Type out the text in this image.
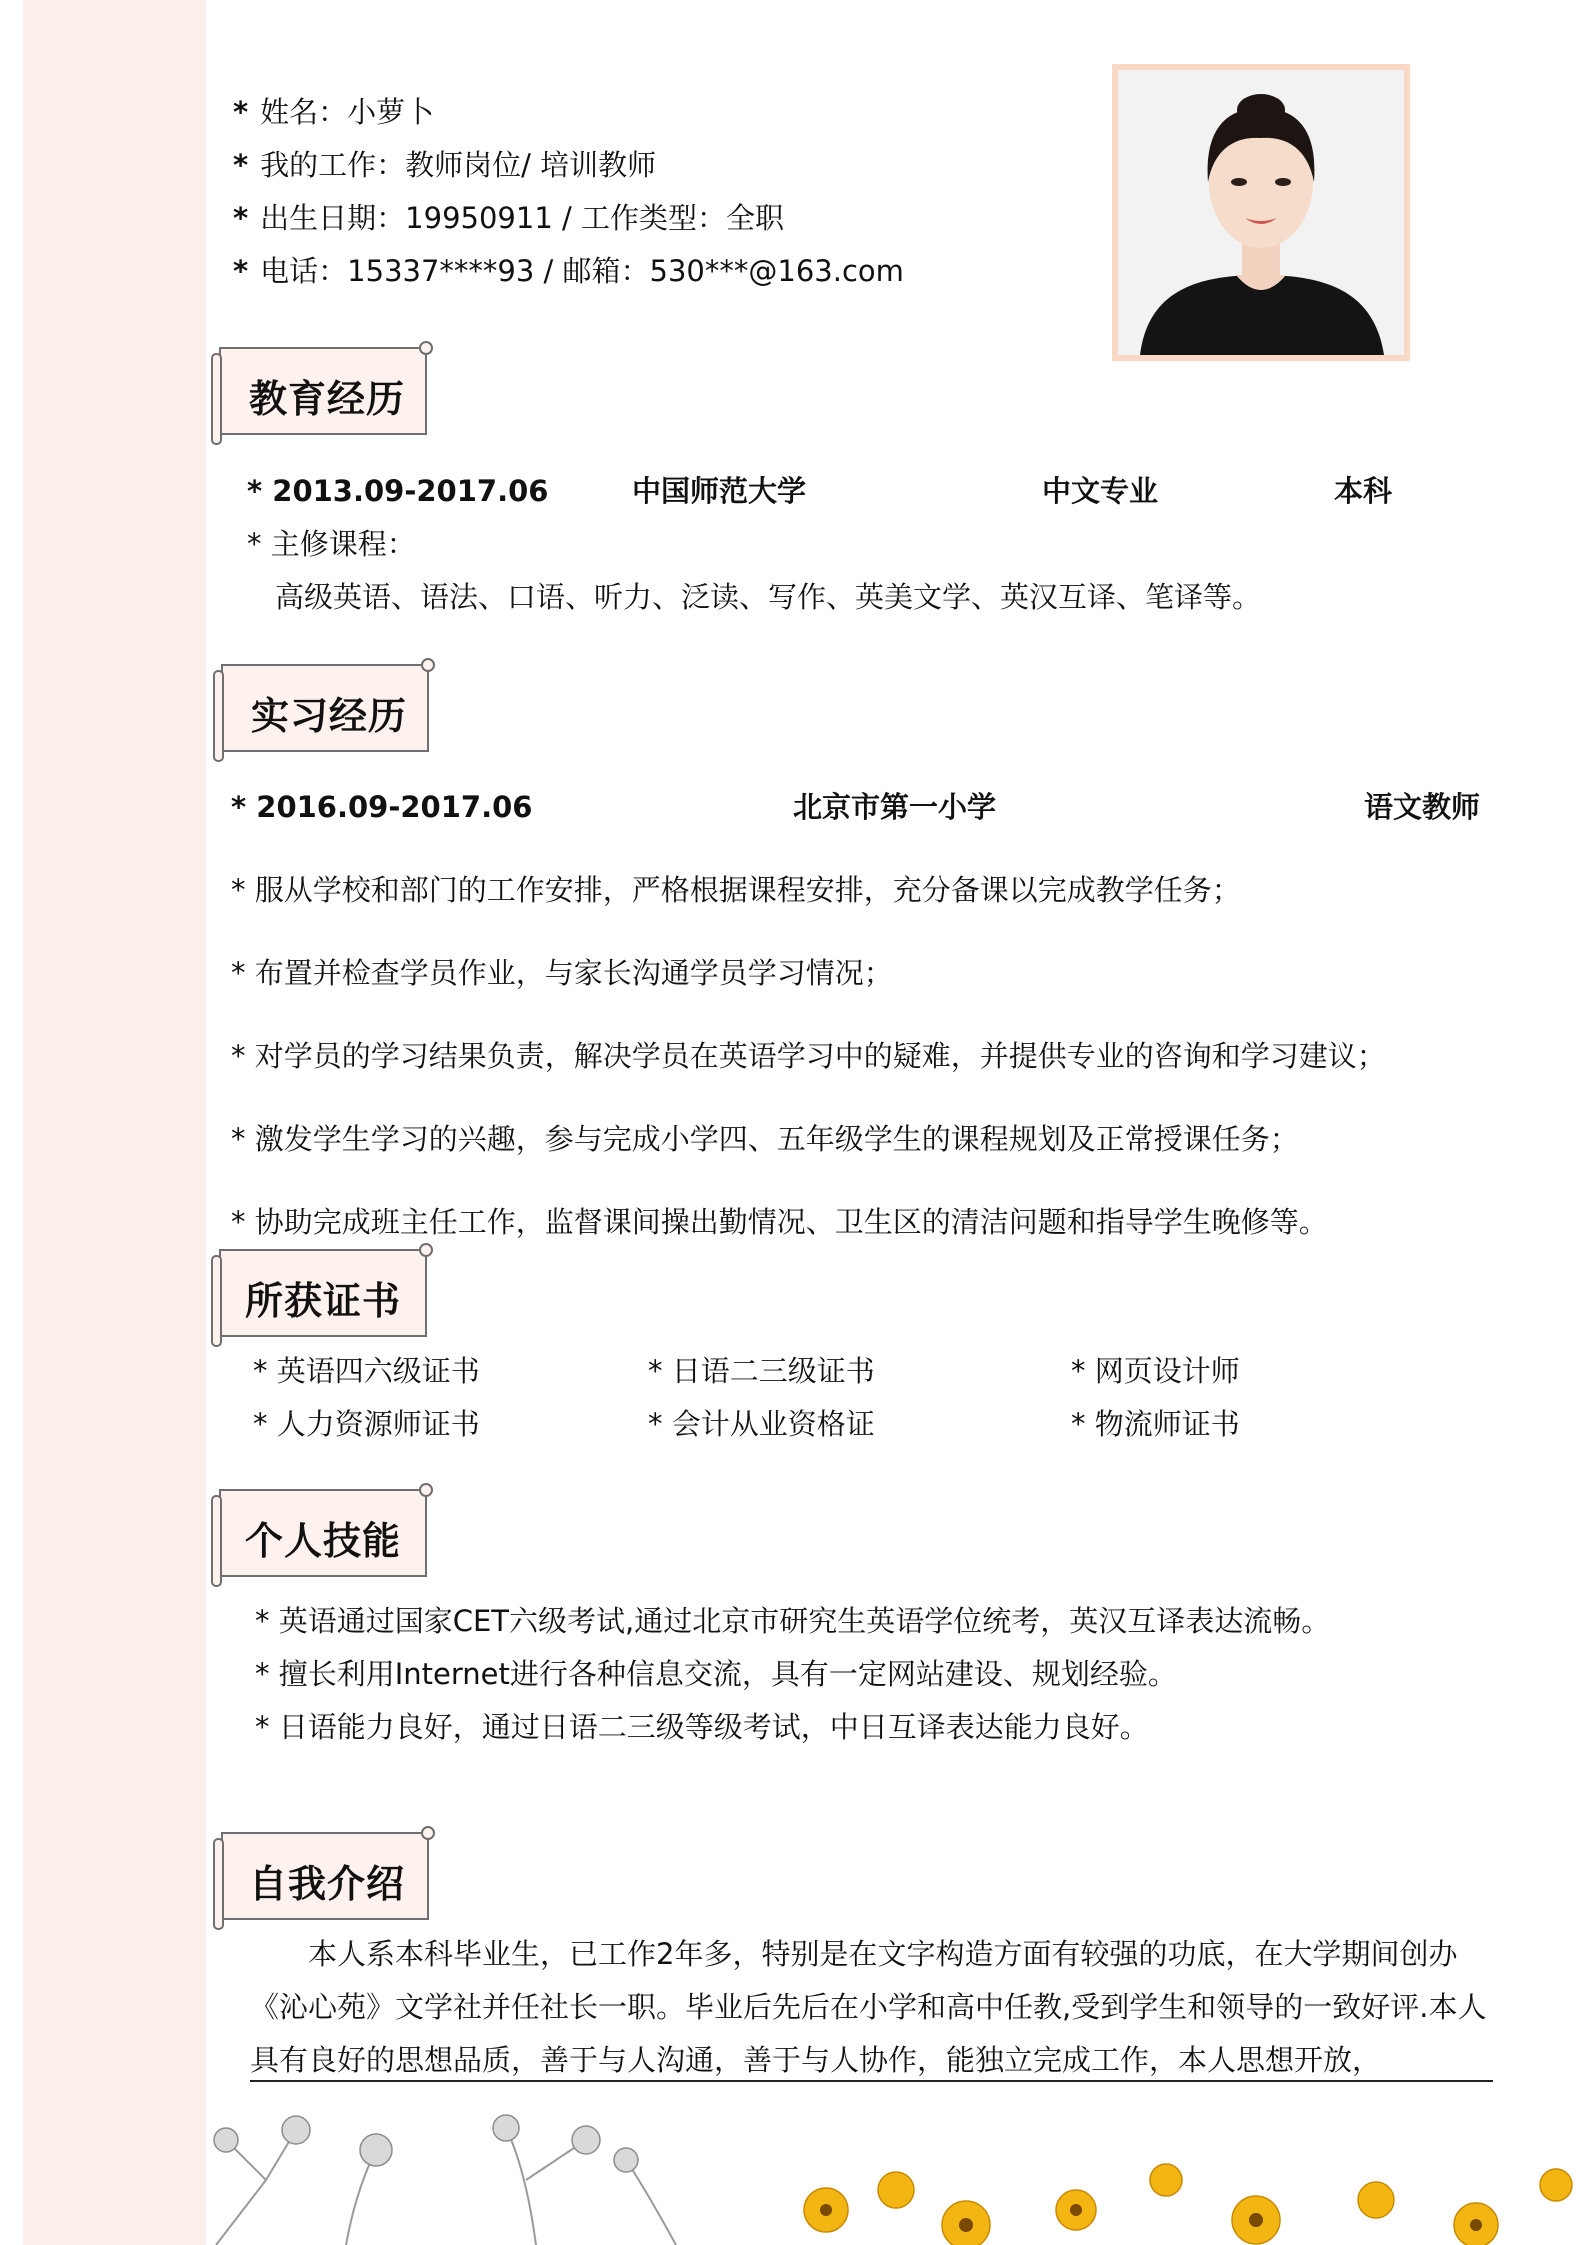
* 姓名：小萝卜
* 我的工作：教师岗位/ 培训教师
* 出生日期：19950911 / 工作类型：全职
* 电话：15337****93 / 邮箱：530***@163.com
教育经历
* 2013.09-2017.06	中国师范大学	中文专业	本科
* 主修课程：
高级英语、语法、口语、听力、泛读、写作、英美文学、英汉互译、笔译等。
实习经历
* 2016.09-2017.06	北京市第一小学	语文教师
* 服从学校和部门的工作安排，严格根据课程安排，充分备课以完成教学任务；
* 布置并检查学员作业，与家长沟通学员学习情况；
* 对学员的学习结果负责，解决学员在英语学习中的疑难，并提供专业的咨询和学习建议；
* 激发学生学习的兴趣，参与完成小学四、五年级学生的课程规划及正常授课任务；
* 协助完成班主任工作，监督课间操出勤情况、卫生区的清洁问题和指导学生晚修等。
所获证书
* 英语四六级证书	* 日语二三级证书	* 网页设计师
* 人力资源师证书	* 会计从业资格证	* 物流师证书
个人技能
* 英语通过国家CET六级考试,通过北京市研究生英语学位统考，英汉互译表达流畅。
* 擅长利用Internet进行各种信息交流，具有一定网站建设、规划经验。
* 日语能力良好，通过日语二三级等级考试，中日互译表达能力良好。
自我介绍
本人系本科毕业生，已工作2年多，特别是在文字构造方面有较强的功底，在大学期间创办《沁心苑》文学社并任社长一职。毕业后先后在小学和高中任教,受到学生和领导的一致好评.本人具有良好的思想品质，善于与人沟通，善于与人协作，能独立完成工作，本人思想开放，
